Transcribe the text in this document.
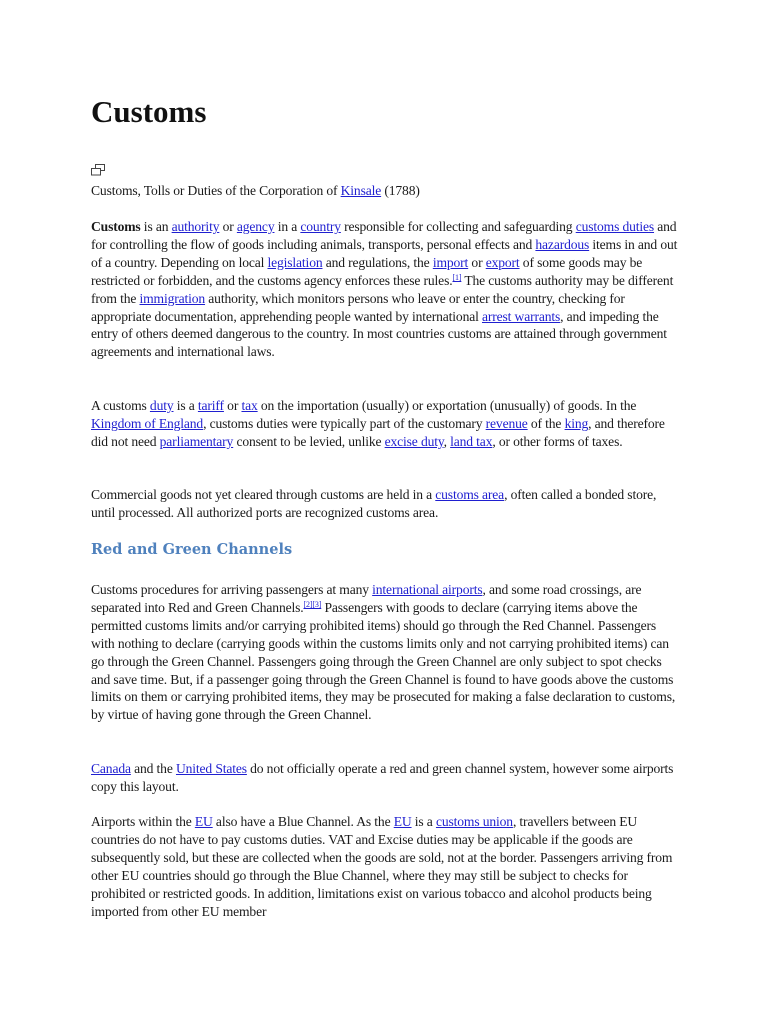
Customs

Customs, Tolls or Duties of the Corporation of Kinsale (1788)

Customs is an authority or agency in a country responsible for collecting and safeguarding customs duties and for controlling the flow of goods including animals, transports, personal effects and hazardous items in and out of a country. Depending on local legislation and regulations, the import or export of some goods may be restricted or forbidden, and the customs agency enforces these rules.[1] The customs authority may be different from the immigration authority, which monitors persons who leave or enter the country, checking for appropriate documentation, apprehending people wanted by international arrest warrants, and impeding the entry of others deemed dangerous to the country. In most countries customs are attained through government agreements and international laws.

A customs duty is a tariff or tax on the importation (usually) or exportation (unusually) of goods. In the Kingdom of England, customs duties were typically part of the customary revenue of the king, and therefore did not need parliamentary consent to be levied, unlike excise duty, land tax, or other forms of taxes.

Commercial goods not yet cleared through customs are held in a customs area, often called a bonded store, until processed. All authorized ports are recognized customs area.

Red and Green Channels

Customs procedures for arriving passengers at many international airports, and some road crossings, are separated into Red and Green Channels.[2][3] Passengers with goods to declare (carrying items above the permitted customs limits and/or carrying prohibited items) should go through the Red Channel. Passengers with nothing to declare (carrying goods within the customs limits only and not carrying prohibited items) can go through the Green Channel. Passengers going through the Green Channel are only subject to spot checks and save time. But, if a passenger going through the Green Channel is found to have goods above the customs limits on them or carrying prohibited items, they may be prosecuted for making a false declaration to customs, by virtue of having gone through the Green Channel.

Canada and the United States do not officially operate a red and green channel system, however some airports copy this layout.

Airports within the EU also have a Blue Channel. As the EU is a customs union, travellers between EU countries do not have to pay customs duties. VAT and Excise duties may be applicable if the goods are subsequently sold, but these are collected when the goods are sold, not at the border. Passengers arriving from other EU countries should go through the Blue Channel, where they may still be subject to checks for prohibited or restricted goods. In addition, limitations exist on various tobacco and alcohol products being imported from other EU member
